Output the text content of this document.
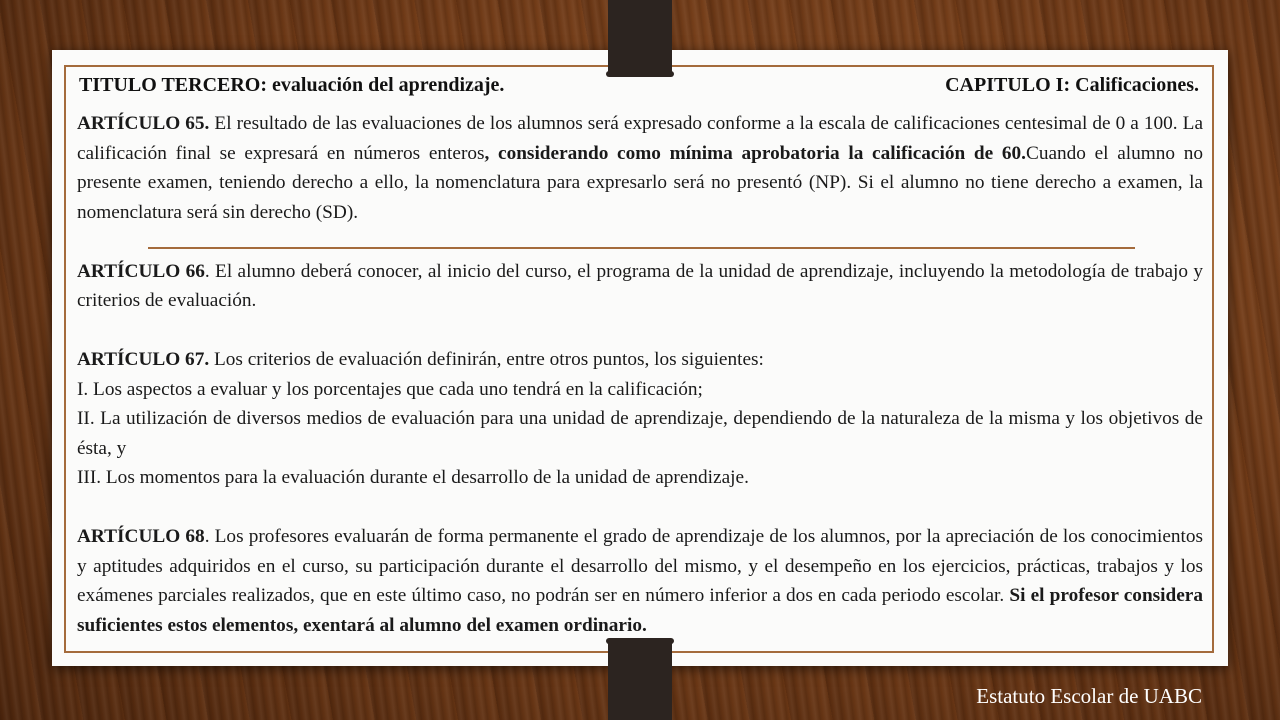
TITULO TERCERO: evaluación del aprendizaje.	CAPITULO I: Calificaciones.

ARTÍCULO 65. El resultado de las evaluaciones de los alumnos será expresado conforme a la escala de calificaciones centesimal de 0 a 100. La calificación final se expresará en números enteros, considerando como mínima aprobatoria la calificación de 60.Cuando el alumno no presente examen, teniendo derecho a ello, la nomenclatura para expresarlo será no presentó (NP). Si el alumno no tiene derecho a examen, la nomenclatura será sin derecho (SD).

ARTÍCULO 66. El alumno deberá conocer, al inicio del curso, el programa de la unidad de aprendizaje, incluyendo la metodología de trabajo y criterios de evaluación.

ARTÍCULO 67. Los criterios de evaluación definirán, entre otros puntos, los siguientes:

I. Los aspectos a evaluar y los porcentajes que cada uno tendrá en la calificación;

II. La utilización de diversos medios de evaluación para una unidad de aprendizaje, dependiendo de la naturaleza de la misma y los objetivos de ésta, y

III. Los momentos para la evaluación durante el desarrollo de la unidad de aprendizaje.

ARTÍCULO 68. Los profesores evaluarán de forma permanente el grado de aprendizaje de los alumnos, por la apreciación de los conocimientos y aptitudes adquiridos en el curso, su participación durante el desarrollo del mismo, y el desempeño en los ejercicios, prácticas, trabajos y los exámenes parciales realizados, que en este último caso, no podrán ser en número inferior a dos en cada periodo escolar. Si el profesor considera suficientes estos elementos, exentará al alumno del examen ordinario.

Estatuto Escolar de UABC
